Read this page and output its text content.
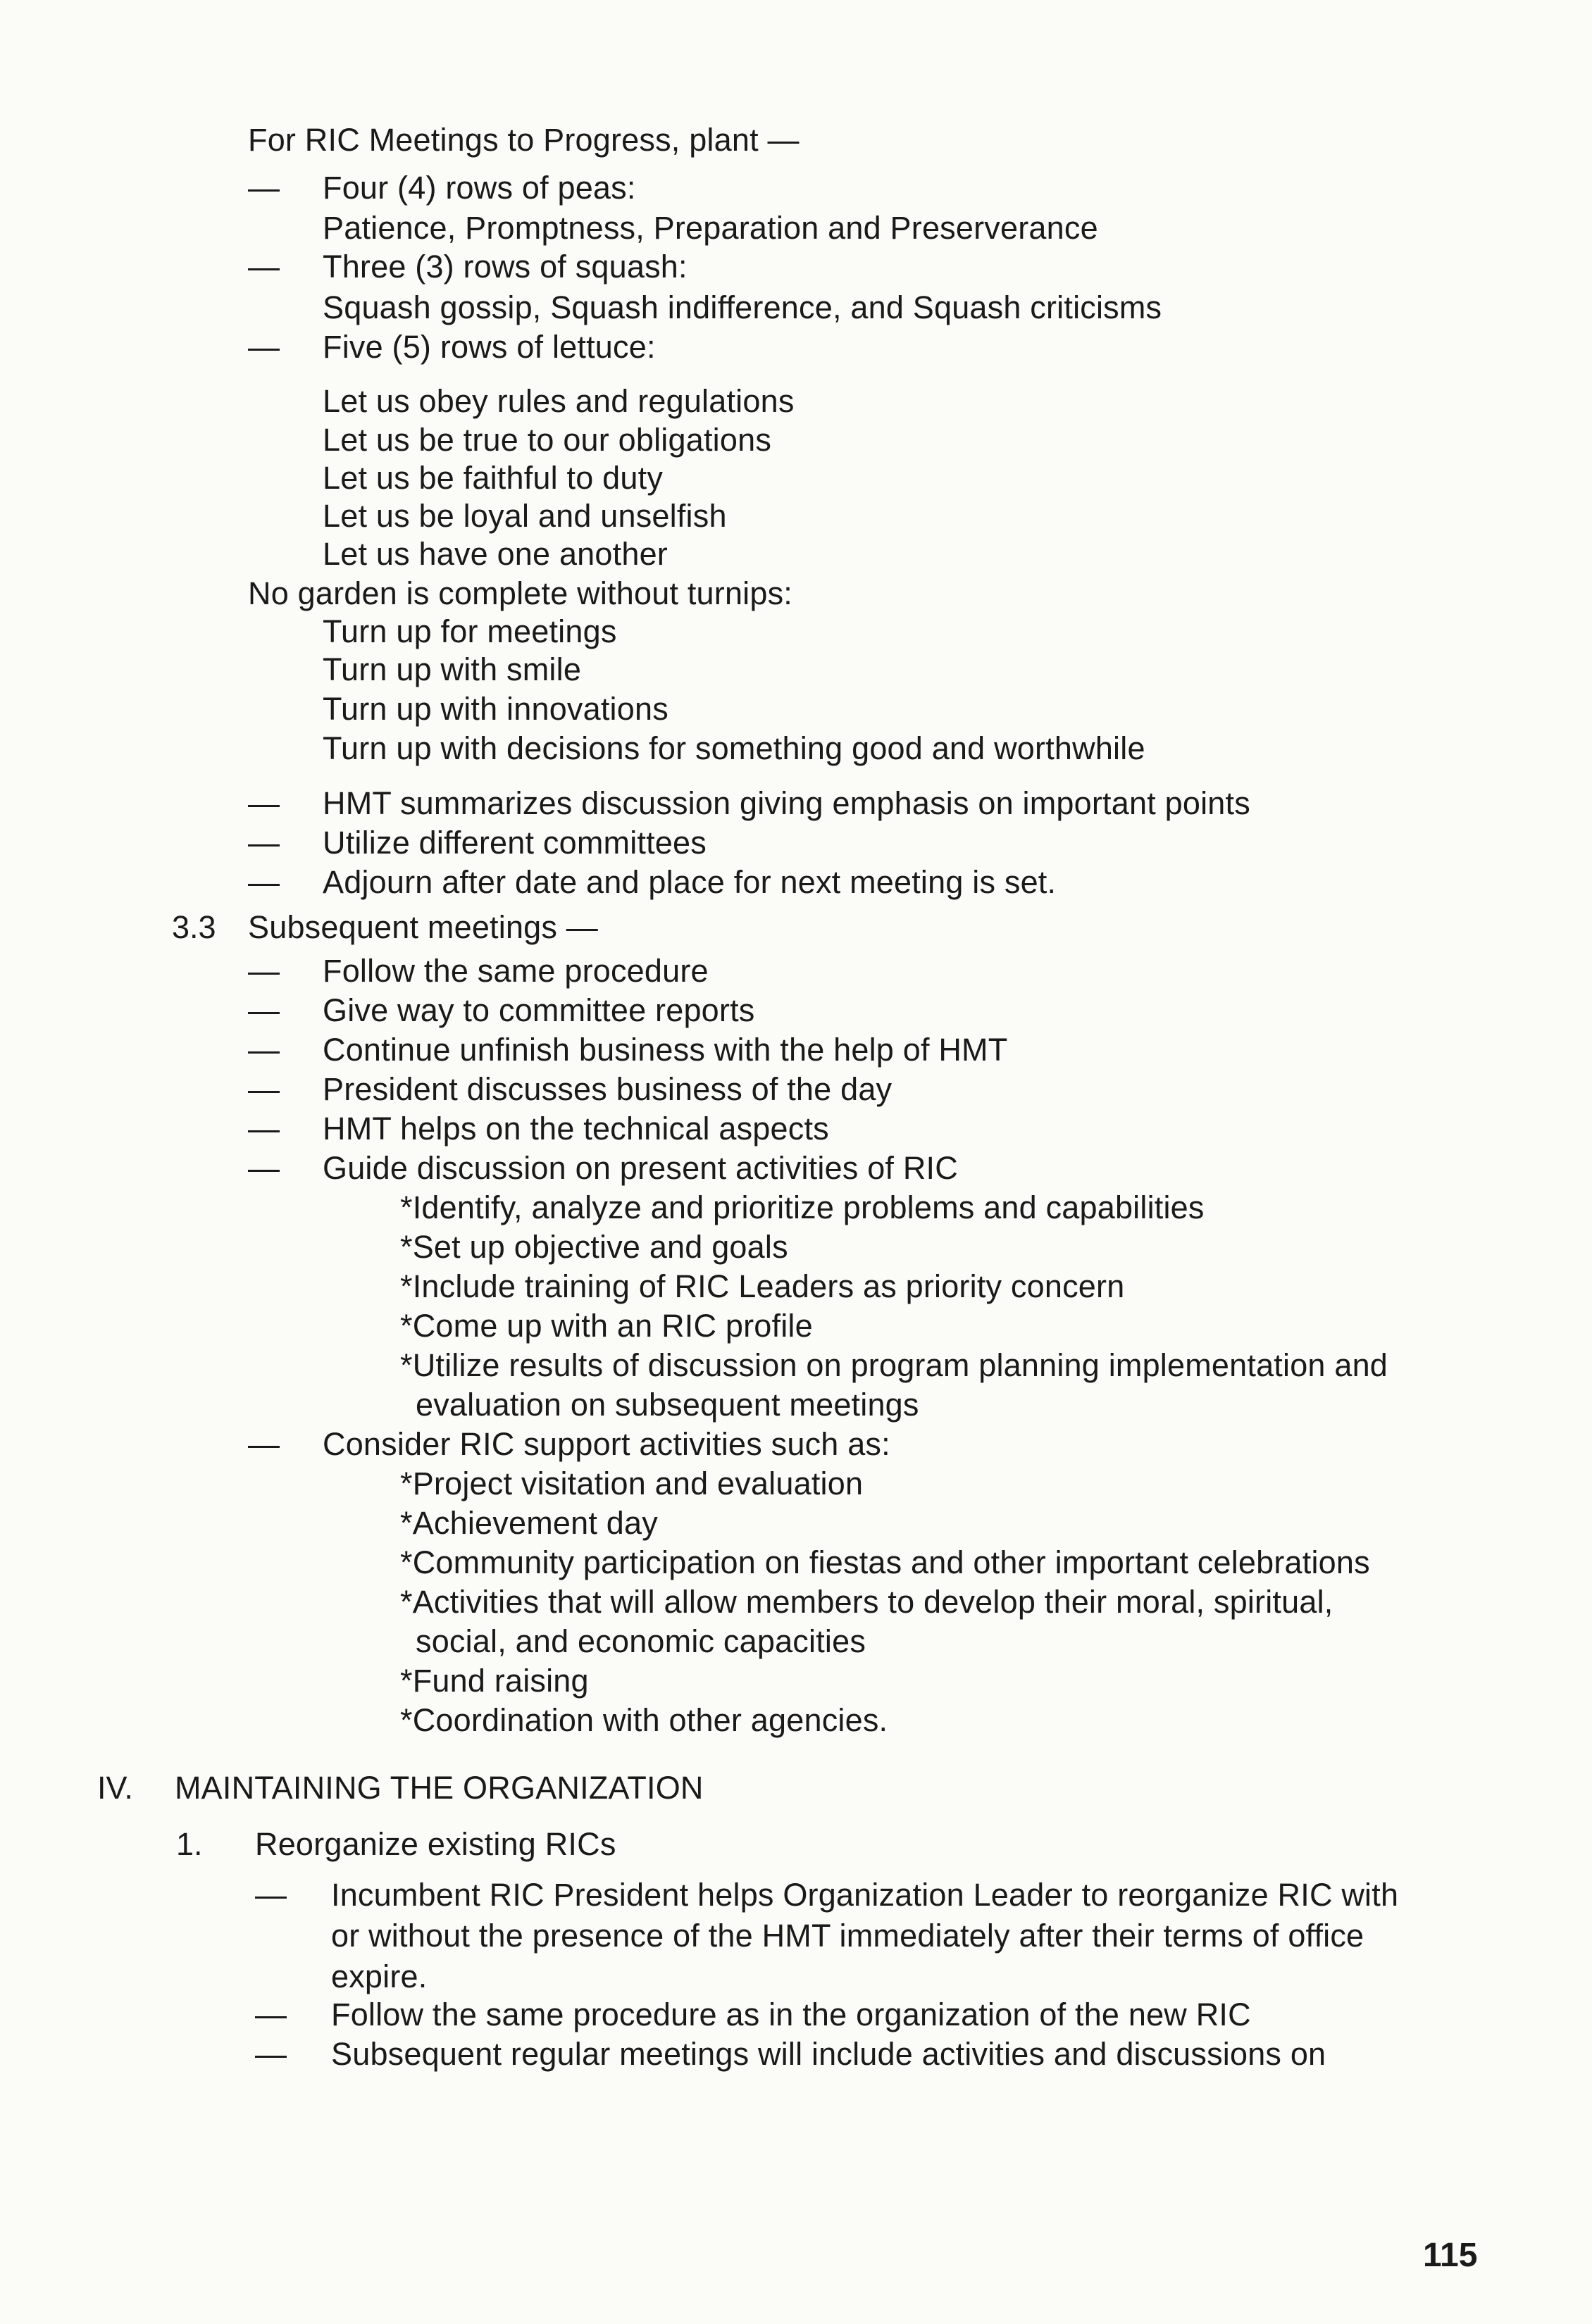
For RIC Meetings to Progress, plant —
— Four (4) rows of peas:
Patience, Promptness, Preparation and Preserverance
— Three (3) rows of squash:
Squash gossip, Squash indifference, and Squash criticisms
— Five (5) rows of lettuce:
Let us obey rules and regulations
Let us be true to our obligations
Let us be faithful to duty
Let us be loyal and unselfish
Let us have one another
No garden is complete without turnips:
Turn up for meetings
Turn up with smile
Turn up with innovations
Turn up with decisions for something good and worthwhile
— HMT summarizes discussion giving emphasis on important points
— Utilize different committees
— Adjourn after date and place for next meeting is set.
3.3 Subsequent meetings —
— Follow the same procedure
— Give way to committee reports
— Continue unfinish business with the help of HMT
— President discusses business of the day
— HMT helps on the technical aspects
— Guide discussion on present activities of RIC
*Identify, analyze and prioritize problems and capabilities
*Set up objective and goals
*Include training of RIC Leaders as priority concern
*Come up with an RIC profile
*Utilize results of discussion on program planning implementation and
evaluation on subsequent meetings
— Consider RIC support activities such as:
*Project visitation and evaluation
*Achievement day
*Community participation on fiestas and other important celebrations
*Activities that will allow members to develop their moral, spiritual,
social, and economic capacities
*Fund raising
*Coordination with other agencies.
IV. MAINTAINING THE ORGANIZATION
1. Reorganize existing RICs
— Incumbent RIC President helps Organization Leader to reorganize RIC with
or without the presence of the HMT immediately after their terms of office
expire.
— Follow the same procedure as in the organization of the new RIC
— Subsequent regular meetings will include activities and discussions on
115
